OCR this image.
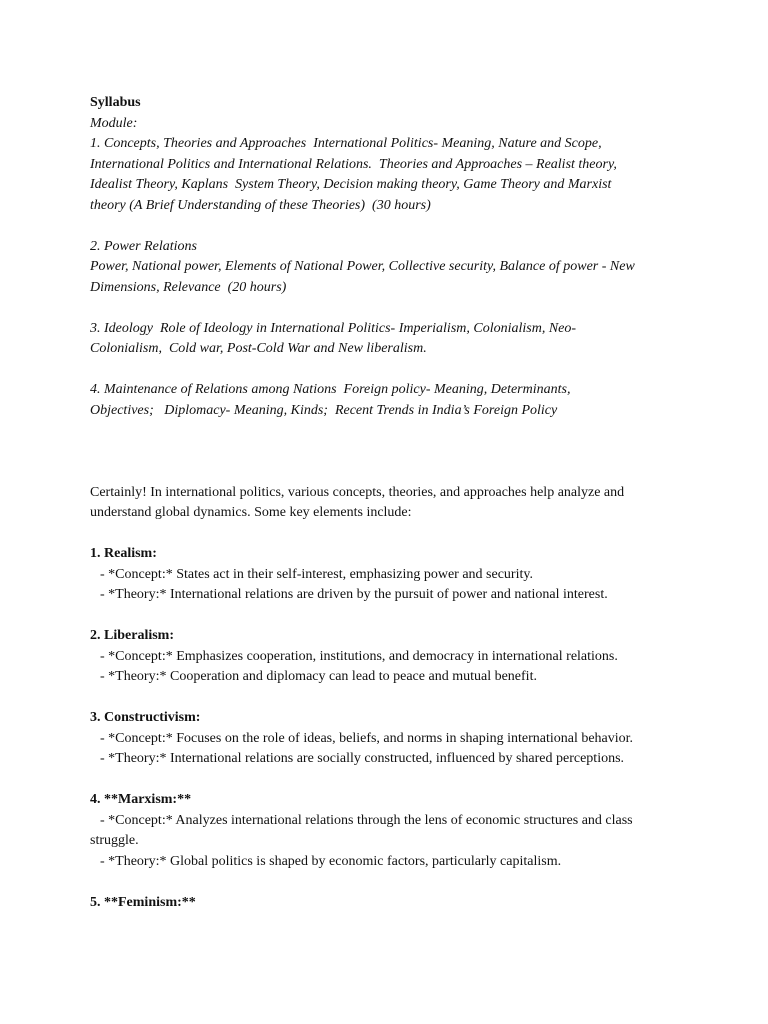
Syllabus
Module:
1. Concepts, Theories and Approaches  International Politics- Meaning, Nature and Scope,
International Politics and International Relations.  Theories and Approaches – Realist theory,
Idealist Theory, Kaplans  System Theory, Decision making theory, Game Theory and Marxist
theory (A Brief Understanding of these Theories)  (30 hours)
2. Power Relations
Power, National power, Elements of National Power, Collective security, Balance of power - New
Dimensions, Relevance  (20 hours)
3. Ideology  Role of Ideology in International Politics- Imperialism, Colonialism, Neo-
Colonialism,  Cold war, Post-Cold War and New liberalism.
4. Maintenance of Relations among Nations  Foreign policy- Meaning, Determinants,
Objectives;   Diplomacy- Meaning, Kinds;  Recent Trends in India’s Foreign Policy
Certainly! In international politics, various concepts, theories, and approaches help analyze and
understand global dynamics. Some key elements include:
1. Realism:
- *Concept:* States act in their self-interest, emphasizing power and security.
- *Theory:* International relations are driven by the pursuit of power and national interest.
2. Liberalism:
- *Concept:* Emphasizes cooperation, institutions, and democracy in international relations.
- *Theory:* Cooperation and diplomacy can lead to peace and mutual benefit.
3. Constructivism:
- *Concept:* Focuses on the role of ideas, beliefs, and norms in shaping international behavior.
- *Theory:* International relations are socially constructed, influenced by shared perceptions.
4. **Marxism:**
- *Concept:* Analyzes international relations through the lens of economic structures and class
struggle.
- *Theory:* Global politics is shaped by economic factors, particularly capitalism.
5. **Feminism:**
